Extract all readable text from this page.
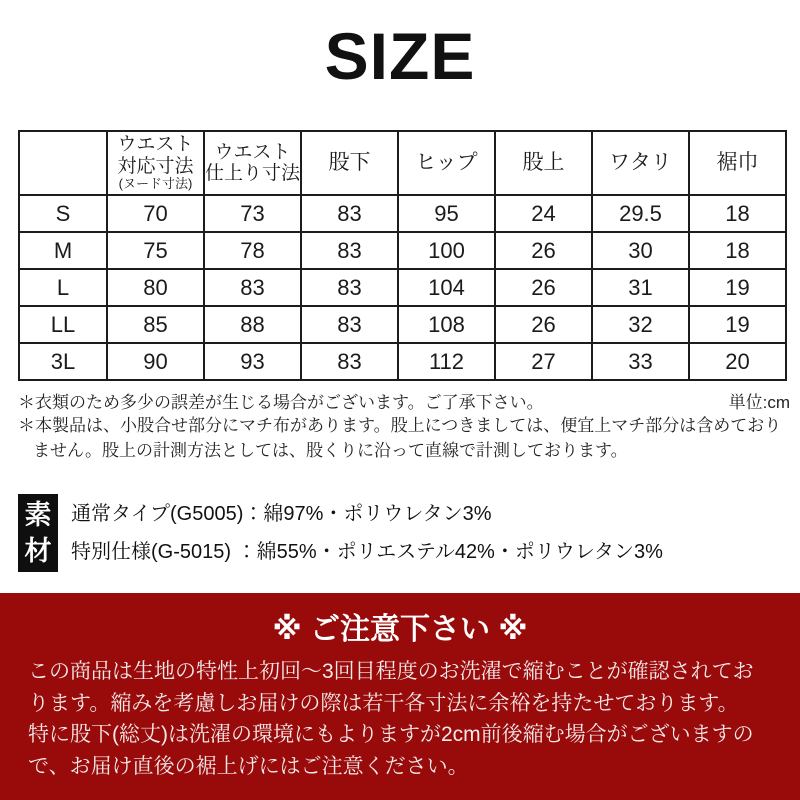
SIZE

	ウエスト
対応寸法
(ヌード寸法)	ウエスト
仕上り寸法	股下	ヒップ	股上	ワタリ	裾巾
S	70	73	83	95	24	29.5	18
M	75	78	83	100	26	30	18
L	80	83	83	104	26	31	19
LL	85	88	83	108	26	32	19
3L	90	93	83	112	27	33	20
＊衣類のため多少の誤差が生じる場合がございます。ご了承下さい。	単位:cm
＊本製品は、小股合せ部分にマチ布があります。股上につきましては、便宜上マチ部分は含めておりません。股上の計測方法としては、股くりに沿って直線で計測しております。
素
材
通常タイプ(G5005)：綿97%・ポリウレタン3%
特別仕様(G-5015) ：綿55%・ポリエステル42%・ポリウレタン3%
※ ご注意下さい ※

この商品は生地の特性上初回～3回目程度のお洗濯で縮むことが確認されております。縮みを考慮しお届けの際は若干各寸法に余裕を持たせております。

特に股下(総丈)は洗濯の環境にもよりますが2cm前後縮む場合がございますので、お届け直後の裾上げにはご注意ください。
